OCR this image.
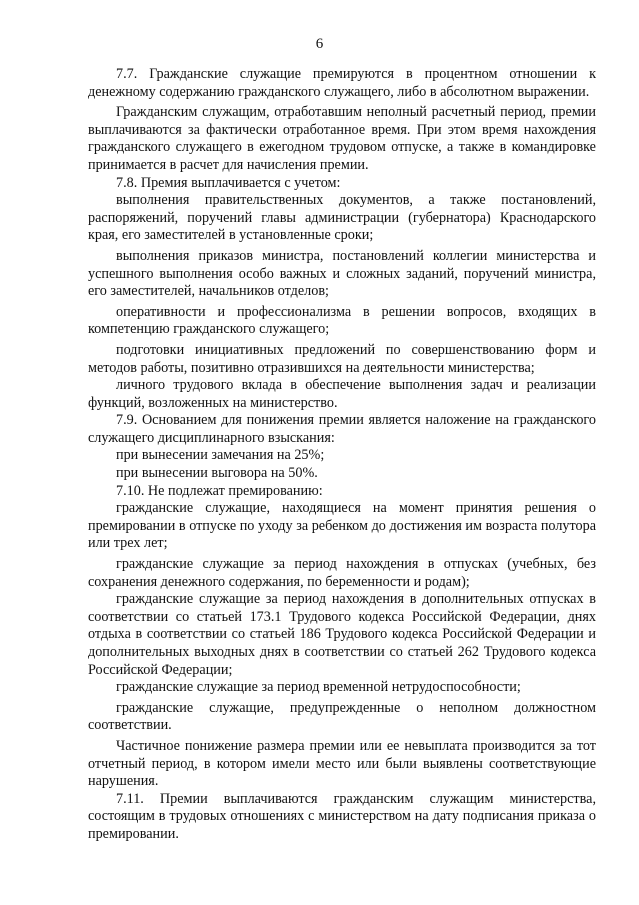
6

7.7. Гражданские служащие премируются в процентном отношении к денежному содержанию гражданского служащего, либо в абсолютном выражении.

Гражданским служащим, отработавшим неполный расчетный период, премии выплачиваются за фактически отработанное время. При этом время нахождения гражданского служащего в ежегодном трудовом отпуске, а также в командировке принимается в расчет для начисления премии.

7.8. Премия выплачивается с учетом:

выполнения правительственных документов, а также постановлений, распоряжений, поручений главы администрации (губернатора) Краснодарского края, его заместителей в установленные сроки;

выполнения приказов министра, постановлений коллегии министерства и успешного выполнения особо важных и сложных заданий, поручений министра, его заместителей, начальников отделов;

оперативности и профессионализма в решении вопросов, входящих в компетенцию гражданского служащего;

подготовки инициативных предложений по совершенствованию форм и методов работы, позитивно отразившихся на деятельности министерства;

личного трудового вклада в обеспечение выполнения задач и реализации функций, возложенных на министерство.

7.9. Основанием для понижения премии является наложение на гражданского служащего дисциплинарного взыскания:

при вынесении замечания на 25%;

при вынесении выговора на 50%.

7.10. Не подлежат премированию:

гражданские служащие, находящиеся на момент принятия решения о премировании в отпуске по уходу за ребенком до достижения им возраста полутора или трех лет;

гражданские служащие за период нахождения в отпусках (учебных, без сохранения денежного содержания, по беременности и родам);

гражданские служащие за период нахождения в дополнительных отпусках в соответствии со статьей 173.1 Трудового кодекса Российской Федерации, днях отдыха в соответствии со статьей 186 Трудового кодекса Российской Федерации и дополнительных выходных днях в соответствии со статьей 262 Трудового кодекса Российской Федерации;

гражданские служащие за период временной нетрудоспособности;

гражданские служащие, предупрежденные о неполном должностном соответствии.

Частичное понижение размера премии или ее невыплата производится за тот отчетный период, в котором имели место или были выявлены соответствующие нарушения.

7.11. Премии выплачиваются гражданским служащим министерства, состоящим в трудовых отношениях с министерством на дату подписания приказа о премировании.
